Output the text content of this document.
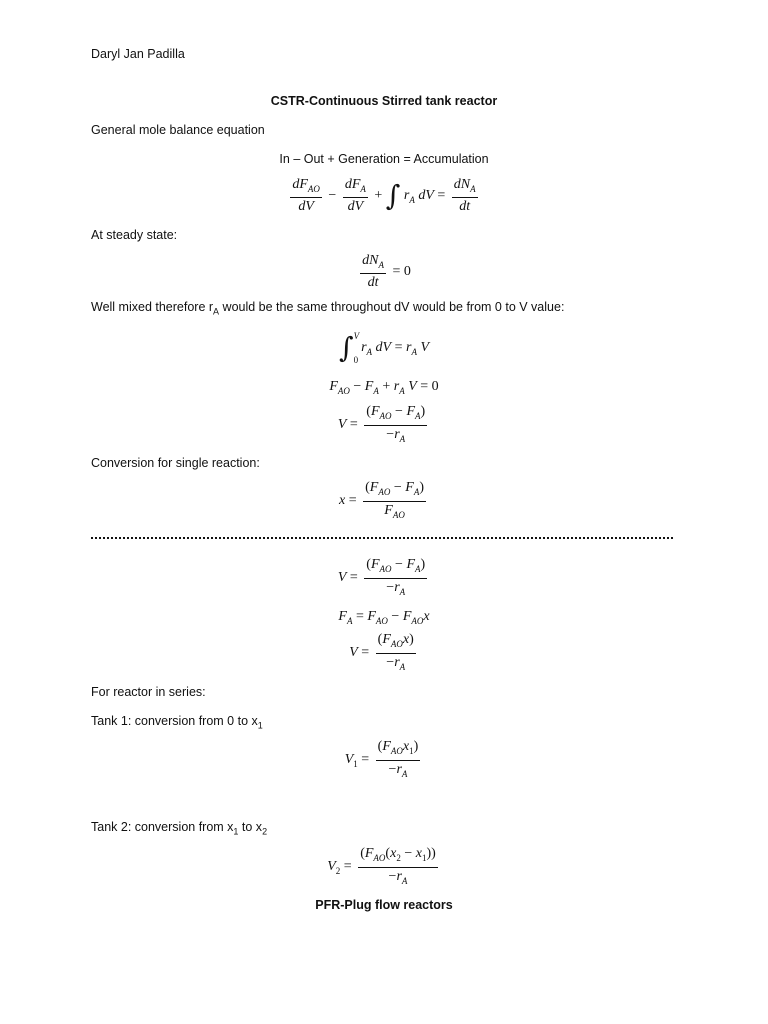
Daryl Jan Padilla
CSTR-Continuous Stirred tank reactor
General mole balance equation
In – Out + Generation = Accumulation
$\frac{dF_{AO}}{dV} - \frac{dF_A}{dV}$ + ∫ $r_A$ dV = $\frac{dN_A}{dt}$
At steady state:
$\frac{dN_A}{dt} = 0$
Well mixed therefore $r_A$ would be the same throughout dV would be from 0 to V value:
∫ V
0
$r_A$ dV = $r_A$ V
$F_{AO} - F_A + r_A$ V = 0
$V = \frac{(F_{AO} - F_A)}{-r_A}$
Conversion for single reaction:
$x = \frac{(F_{AO} - F_A)}{F_{AO}}$
$V = \frac{(F_{AO} - F_A)}{-r_A}$
$F_A = F_{AO} - F_{AO}x$
$V = \frac{(F_{AO}x)}{-r_A}$
For reactor in series:
Tank 1: conversion from 0 to $x_1$
$V_1 = \frac{(F_{AO}x_1)}{-r_A}$
Tank 2: conversion from $x_1$ to $x_2$
$V_2 = \frac{(F_{AO}(x_2 - x_1))}{-r_A}$
PFR-Plug flow reactors
